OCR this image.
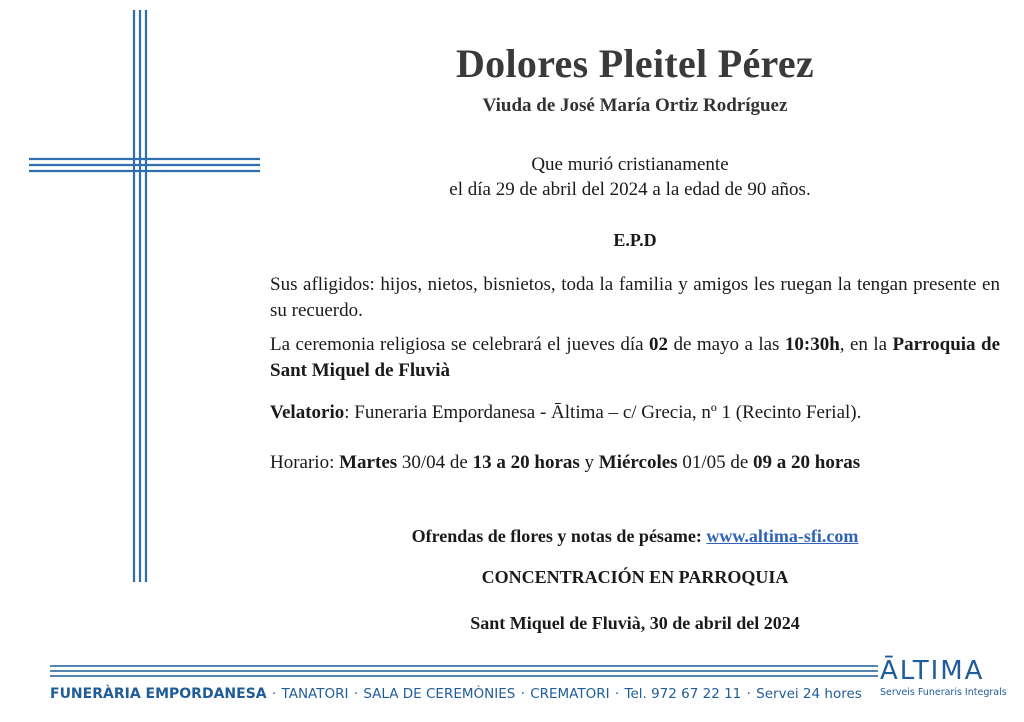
Dolores Pleitel Pérez
Viuda de José María Ortiz Rodríguez
Que murió cristianamente
el día 29 de abril del 2024 a la edad de 90 años.
E.P.D
Sus afligidos: hijos, nietos, bisnietos, toda la familia y amigos les ruegan la tengan presente en su recuerdo.
La ceremonia religiosa se celebrará el jueves día 02 de mayo a las 10:30h, en la Parroquia de Sant Miquel de Fluvià
Velatorio: Funeraria Empordanesa - Āltima – c/ Grecia, nº 1 (Recinto Ferial).
Horario: Martes 30/04 de 13 a 20 horas y Miércoles 01/05 de 09 a 20 horas
Ofrendas de flores y notas de pésame: www.altima-sfi.com
CONCENTRACIÓN EN PARROQUIA
Sant Miquel de Fluvià, 30 de abril del 2024
FUNERÀRIA EMPORDANESA · TANATORI · SALA DE CEREMÒNIES · CREMATORI · Tel. 972 67 22 11 · Servei 24 hores
ĀLTIMA
Serveis Funeraris Integrals
